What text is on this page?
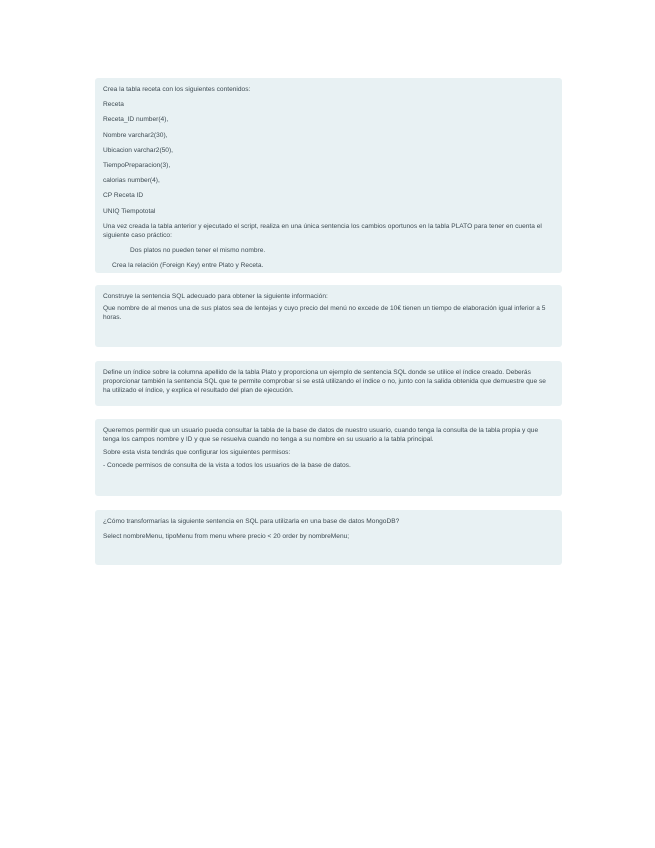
Crea la tabla receta con los siguientes contenidos:

Receta

Receta_ID number(4),

Nombre varchar2(30),

Ubicacion varchar2(50),

TiempoPreparacion(3),

calorias number(4),

CP Receta ID

UNIQ Tiempototal

Una vez creada la tabla anterior y ejecutado el script, realiza en una única sentencia los cambios oportunos en la tabla PLATO para tener en cuenta el siguiente caso práctico:

Dos platos no pueden tener el mismo nombre.

Crea la relación (Foreign Key) entre Plato y Receta.

Construye la sentencia SQL adecuado para obtener la siguiente información:

Que nombre de al menos una de sus platos sea de lentejas y cuyo precio del menú no excede de 10€ tienen un tiempo de elaboración igual inferior a 5 horas.

Define un índice sobre la columna apellido de la tabla Plato y proporciona un ejemplo de sentencia SQL donde se utilice el índice creado. Deberás proporcionar también la sentencia SQL que te permite comprobar si se está utilizando el índice o no, junto con la salida obtenida que demuestre que se ha utilizado el índice, y explica el resultado del plan de ejecución.

Queremos permitir que un usuario pueda consultar la tabla de la base de datos de nuestro usuario, cuando tenga la consulta de la tabla propia y que tenga los campos nombre y ID y que se resuelva cuando no tenga a su nombre en su usuario a la tabla principal.

Sobre esta vista tendrás que configurar los siguientes permisos:

- Concede permisos de consulta de la vista a todos los usuarios de la base de datos.

¿Cómo transformarías la siguiente sentencia en SQL para utilizarla en una base de datos MongoDB?

Select nombreMenu, tipoMenu from menu where precio < 20 order by nombreMenu;
